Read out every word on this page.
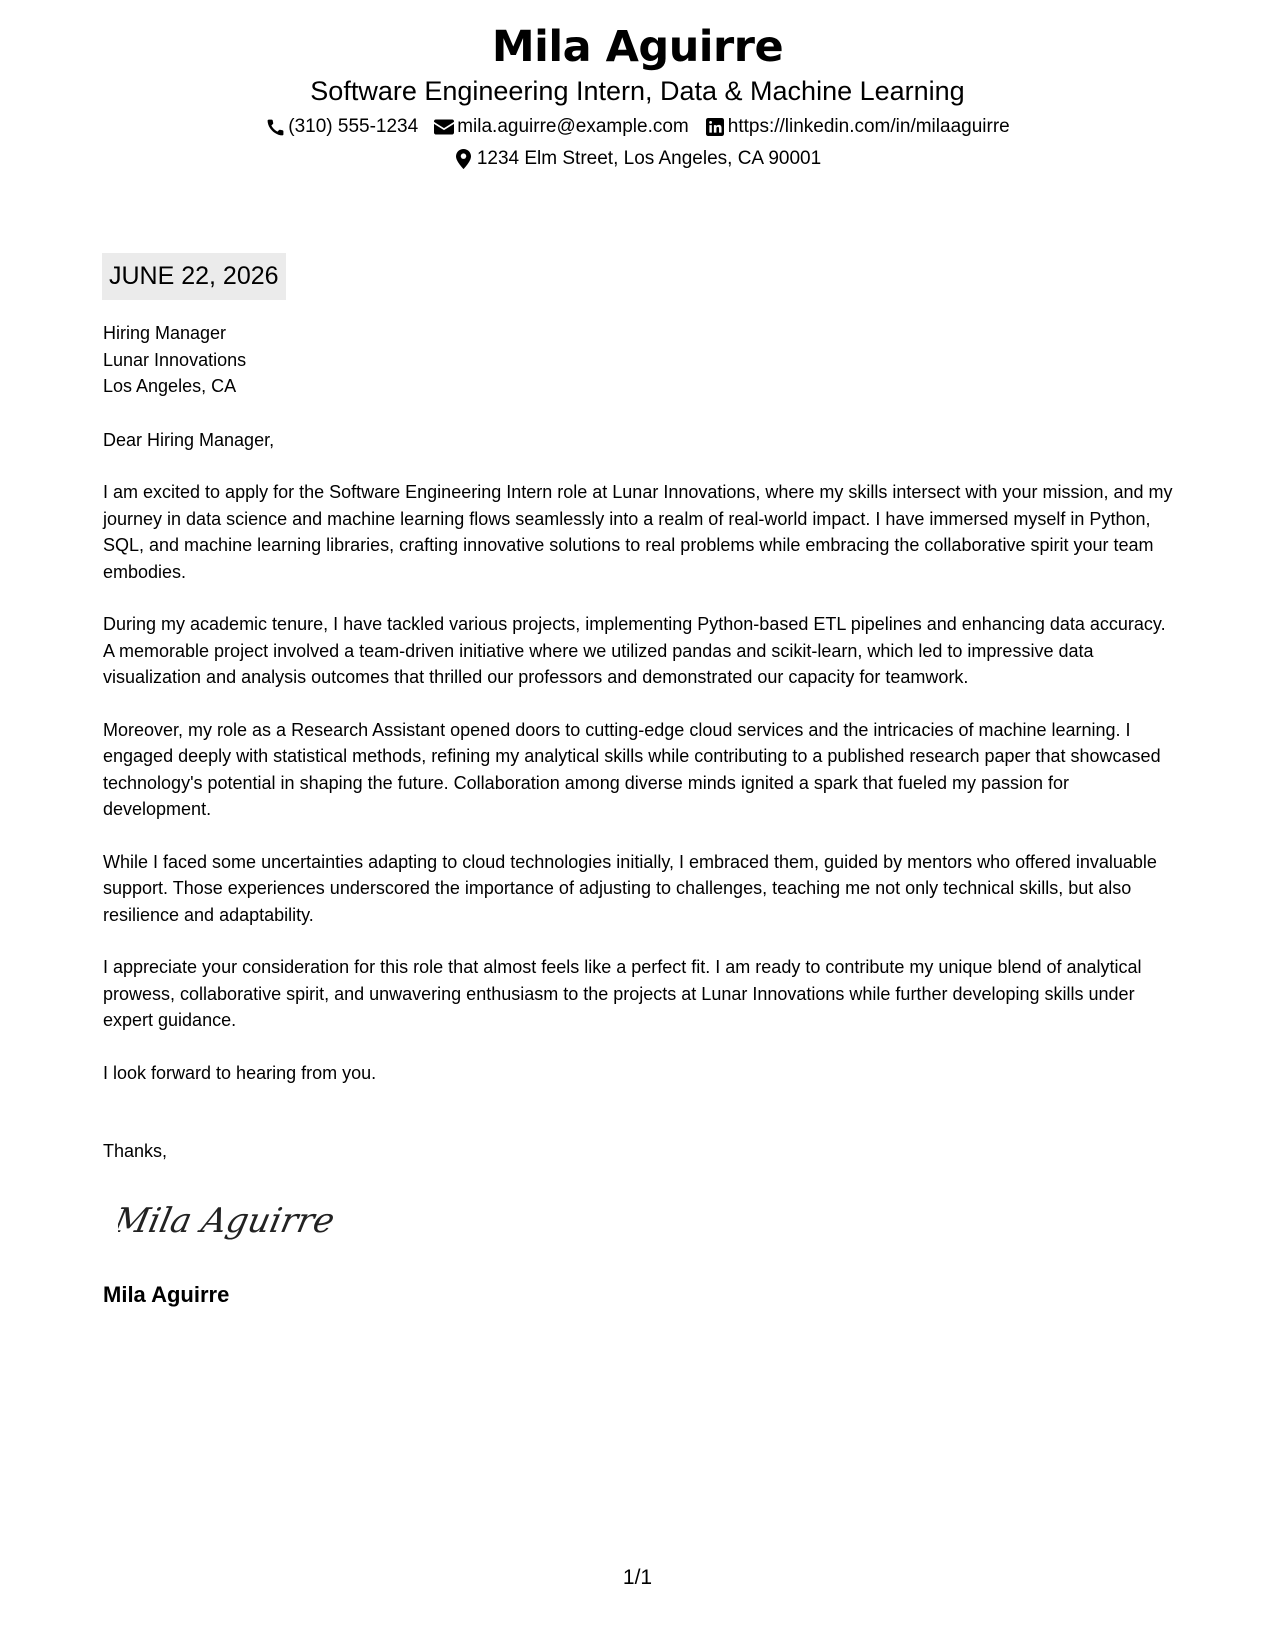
Mila Aguirre
Software Engineering Intern, Data & Machine Learning
(310) 555-1234 mila.aguirre@example.com https://linkedin.com/in/milaaguirre
1234 Elm Street, Los Angeles, CA 90001
JUNE 22, 2026
Hiring Manager
Lunar Innovations
Los Angeles, CA
Dear Hiring Manager,

I am excited to apply for the Software Engineering Intern role at Lunar Innovations, where my skills intersect with your mission, and my journey in data science and machine learning flows seamlessly into a realm of real-world impact. I have immersed myself in Python, SQL, and machine learning libraries, crafting innovative solutions to real problems while embracing the collaborative spirit your team embodies.

During my academic tenure, I have tackled various projects, implementing Python-based ETL pipelines and enhancing data accuracy. A memorable project involved a team-driven initiative where we utilized pandas and scikit-learn, which led to impressive data visualization and analysis outcomes that thrilled our professors and demonstrated our capacity for teamwork.

Moreover, my role as a Research Assistant opened doors to cutting-edge cloud services and the intricacies of machine learning. I engaged deeply with statistical methods, refining my analytical skills while contributing to a published research paper that showcased technology's potential in shaping the future. Collaboration among diverse minds ignited a spark that fueled my passion for development.

While I faced some uncertainties adapting to cloud technologies initially, I embraced them, guided by mentors who offered invaluable support. Those experiences underscored the importance of adjusting to challenges, teaching me not only technical skills, but also resilience and adaptability.

I appreciate your consideration for this role that almost feels like a perfect fit. I am ready to contribute my unique blend of analytical prowess, collaborative spirit, and unwavering enthusiasm to the projects at Lunar Innovations while further developing skills under expert guidance.

I look forward to hearing from you.

Thanks,
Mila Aguirre
Mila Aguirre
1/1
